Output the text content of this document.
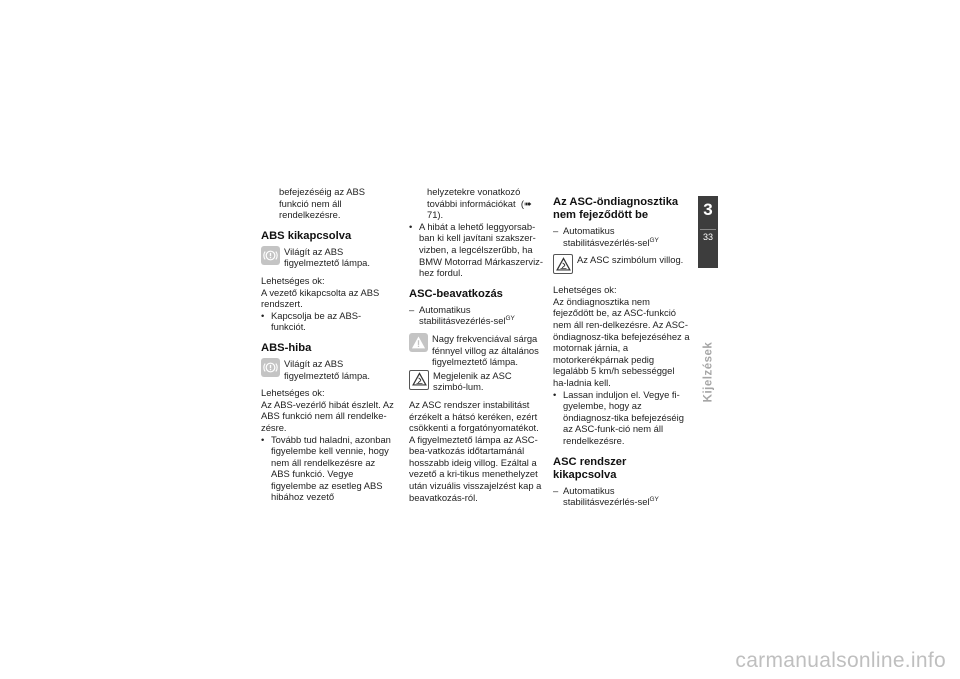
befejezéséig az ABS funkció nem áll rendelkezésre.

ABS kikapcsolva
Világít az ABS figyelmeztető lámpa.

Lehetséges ok:

A vezető kikapcsolta az ABS rendszert.

• Kapcsolja be az ABS-funkciót.

ABS-hiba
Világít az ABS figyelmeztető lámpa.

Lehetséges ok:

Az ABS-vezérlő hibát észlelt. Az ABS funkció nem áll rendelke-zésre.

• Tovább tud haladni, azonban figyelembe kell vennie, hogy nem áll rendelkezésre az ABS funkció. Vegye figyelembe az esetleg ABS hibához vezető

helyzetekre vonatkozó további információkat (➠ 71).

• A hibát a lehető leggyorsab-ban ki kell javítani szakszer-vizben, a legcélszerűbb, ha BMW Motorrad Márkaszerviz-hez fordul.

ASC-beavatkozás

– Automatikus stabilitásvezérlés-sel$^{GY}$

Nagy frekvenciával sárga fénnyel villog az általános figyelmeztető lámpa.
Megjelenik az ASC szimbó-lum.

Az ASC rendszer instabilitást érzékelt a hátsó keréken, ezért csökkenti a forgatónyomatékot. A figyelmeztető lámpa az ASC-bea-vatkozás időtartamánál hosszabb ideig villog. Ezáltal a vezető a kri-tikus menethelyzet után vizuális visszajelzést kap a beavatkozás-ról.

Az ASC-öndiagnosztika nem fejeződött be

– Automatikus stabilitásvezérlés-sel$^{GY}$

Az ASC szimbólum villog.

Lehetséges ok:

Az öndiagnosztika nem fejeződött be, az ASC-funkció nem áll ren-delkezésre. Az ASC-öndiagnosz-tika befejezéséhez a motornak járnia, a motorkerékpárnak pedig legalább 5 km/h sebességgel ha-ladnia kell.

• Lassan induljon el. Vegye fi-gyelembe, hogy az öndiagnosz-tika befejezéséig az ASC-funk-ció nem áll rendelkezésre.

ASC rendszer kikapcsolva

– Automatikus stabilitásvezérlés-sel$^{GY}$

3
33
Kijelzések
carmanualsonline.info
